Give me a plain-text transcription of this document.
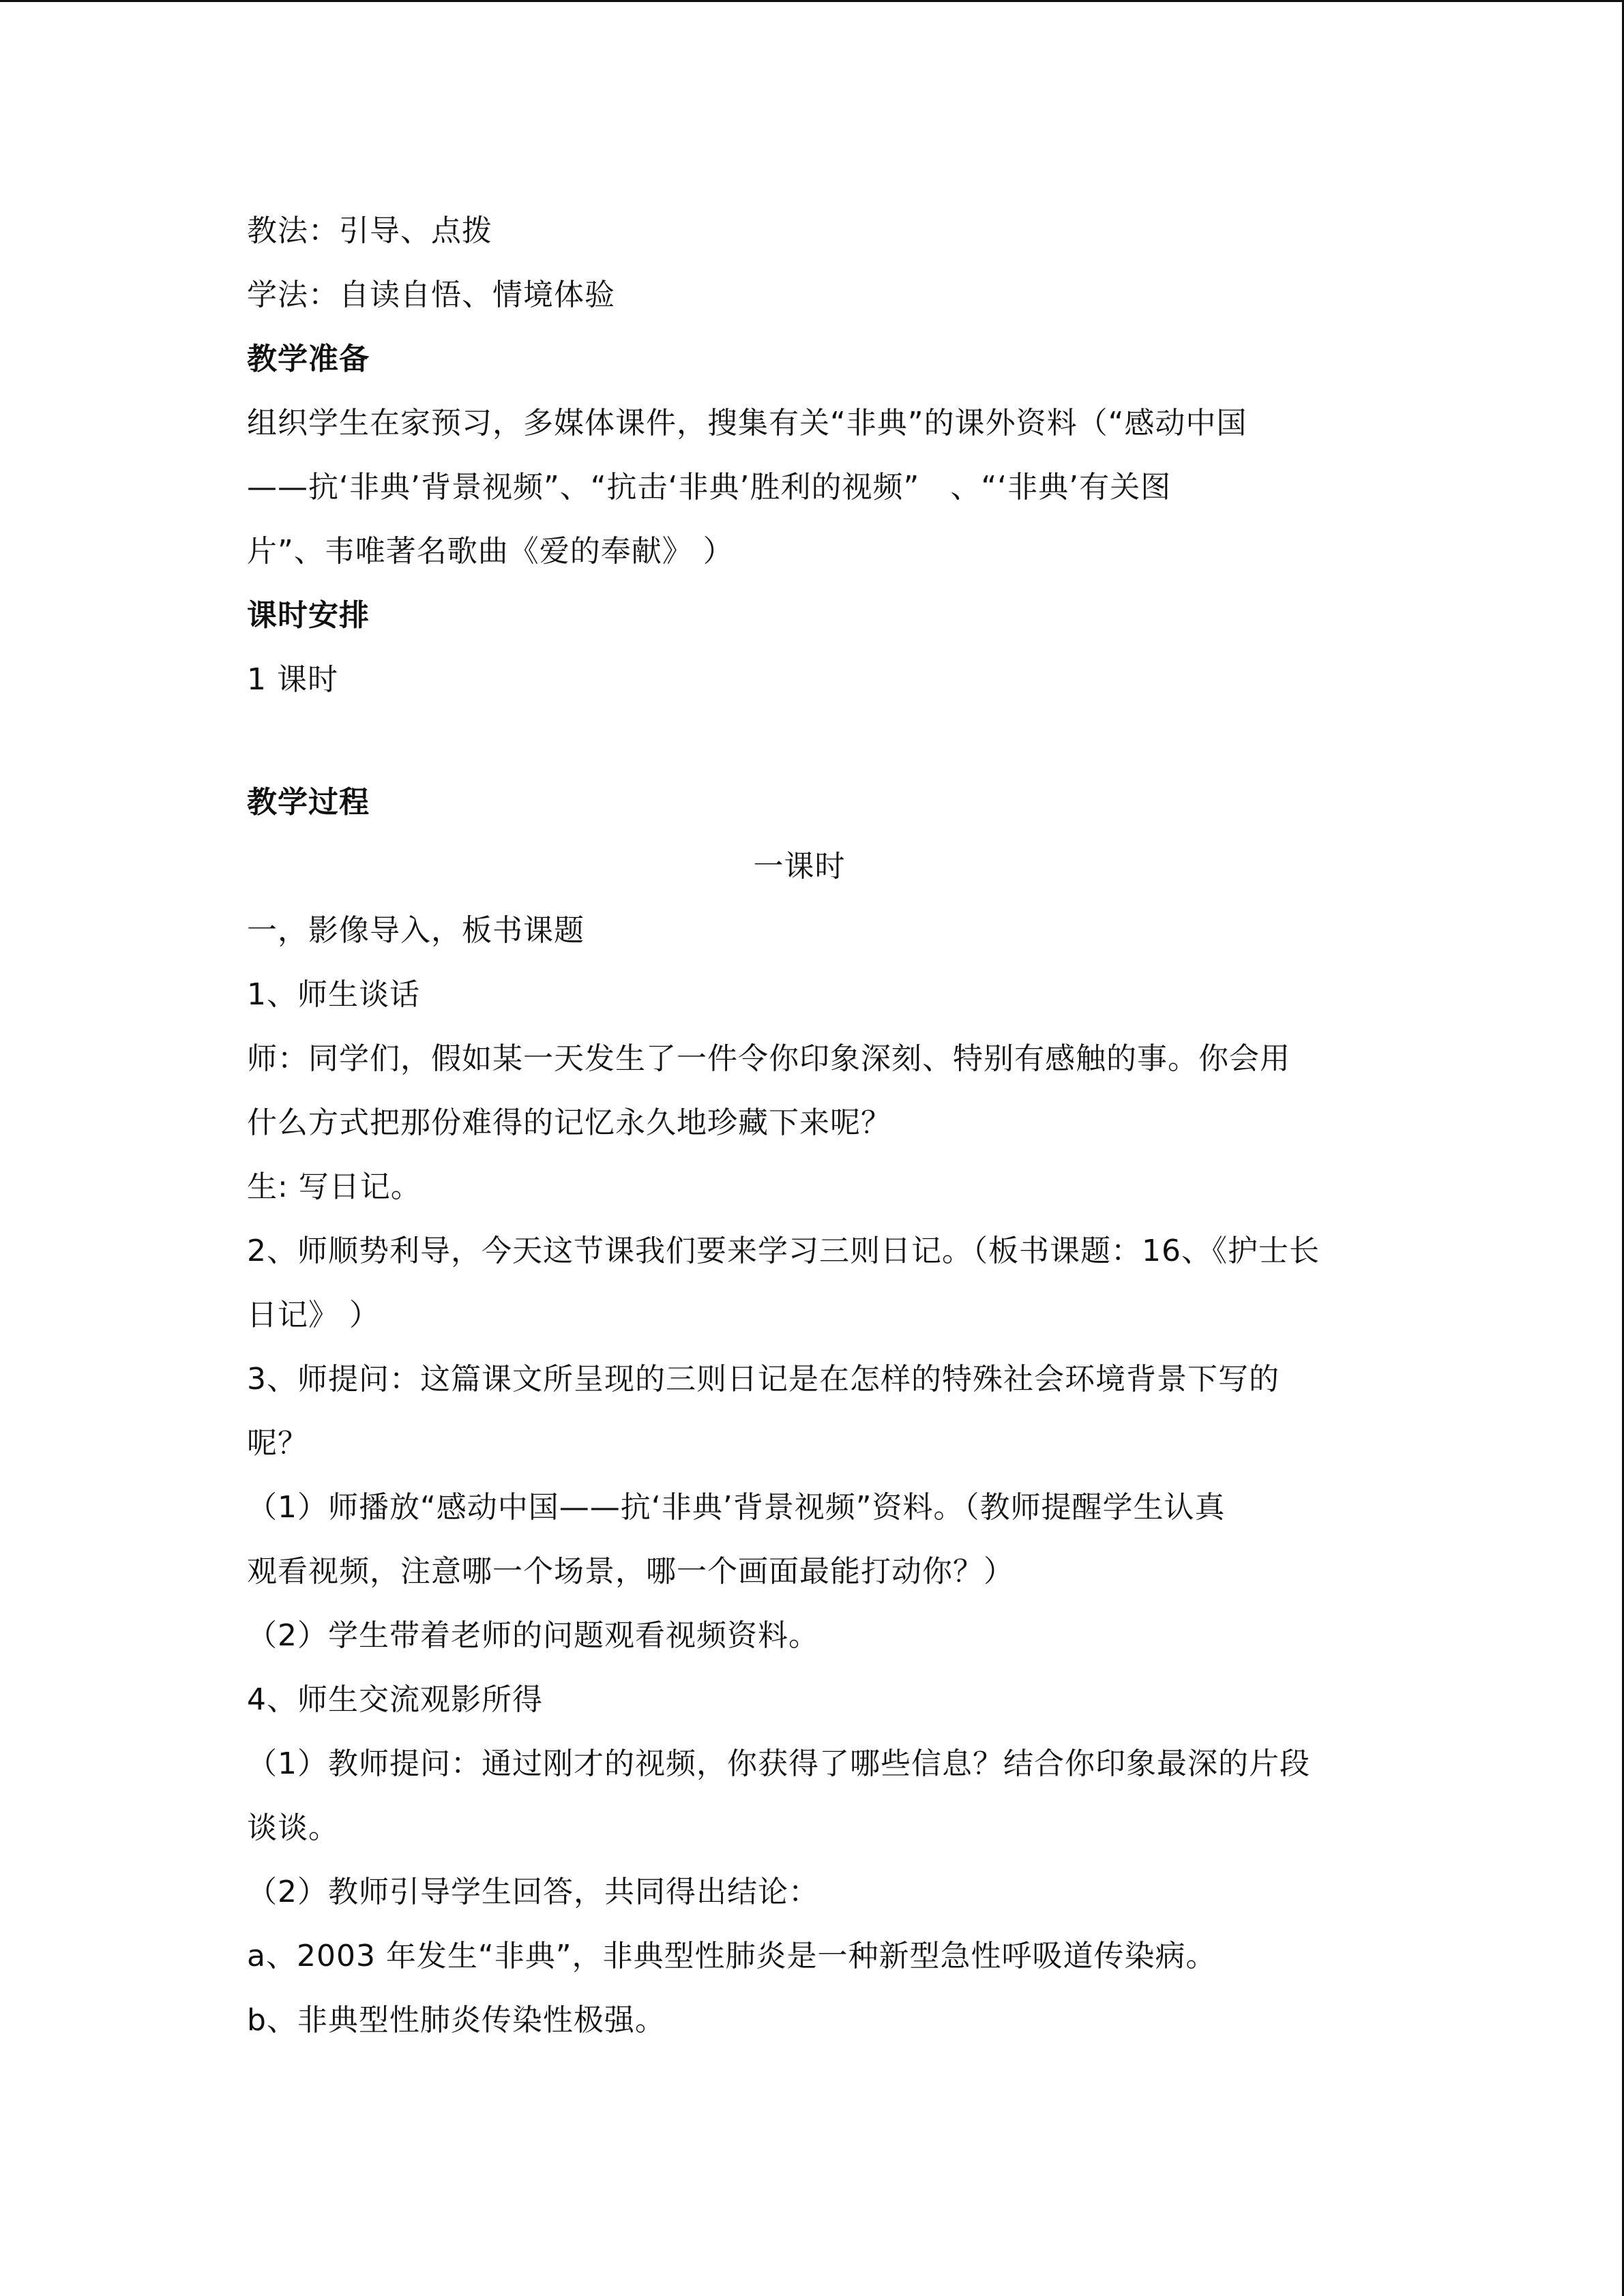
教法：引导、点拨
学法：自读自悟、情境体验
教学准备
组织学生在家预习，多媒体课件，搜集有关“非典”的课外资料（“感动中国
——抗‘非典’背景视频”、“抗击‘非典’胜利的视频”　、“‘非典’有关图
片”、韦唯著名歌曲《爱的奉献》 ）
课时安排
1 课时
教学过程
一课时
一，影像导入，板书课题
1、师生谈话
师：同学们，假如某一天发生了一件令你印象深刻、特别有感触的事。你会用
什么方式把那份难得的记忆永久地珍藏下来呢？
生: 写日记。
2、师顺势利导，今天这节课我们要来学习三则日记。（板书课题：16、《护士长
日记》 ）
3、师提问：这篇课文所呈现的三则日记是在怎样的特殊社会环境背景下写的
呢？
（1）师播放“感动中国——抗‘非典’背景视频”资料。（教师提醒学生认真
观看视频，注意哪一个场景，哪一个画面最能打动你？）
（2）学生带着老师的问题观看视频资料。
4、师生交流观影所得
（1）教师提问：通过刚才的视频，你获得了哪些信息？结合你印象最深的片段
谈谈。
（2）教师引导学生回答，共同得出结论：
a、2003 年发生“非典”，非典型性肺炎是一种新型急性呼吸道传染病。
b、非典型性肺炎传染性极强。
